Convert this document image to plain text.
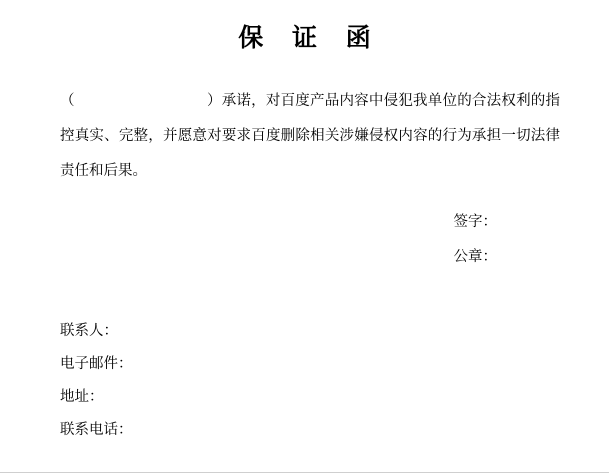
保 证 函
（	）承诺，对百度产品内容中侵犯我单位的合法权利的指控真实、完整，并愿意对要求百度删除相关涉嫌侵权内容的行为承担一切法律责任和后果。
签字：
公章：
联系人：
电子邮件：
地址：
联系电话：
